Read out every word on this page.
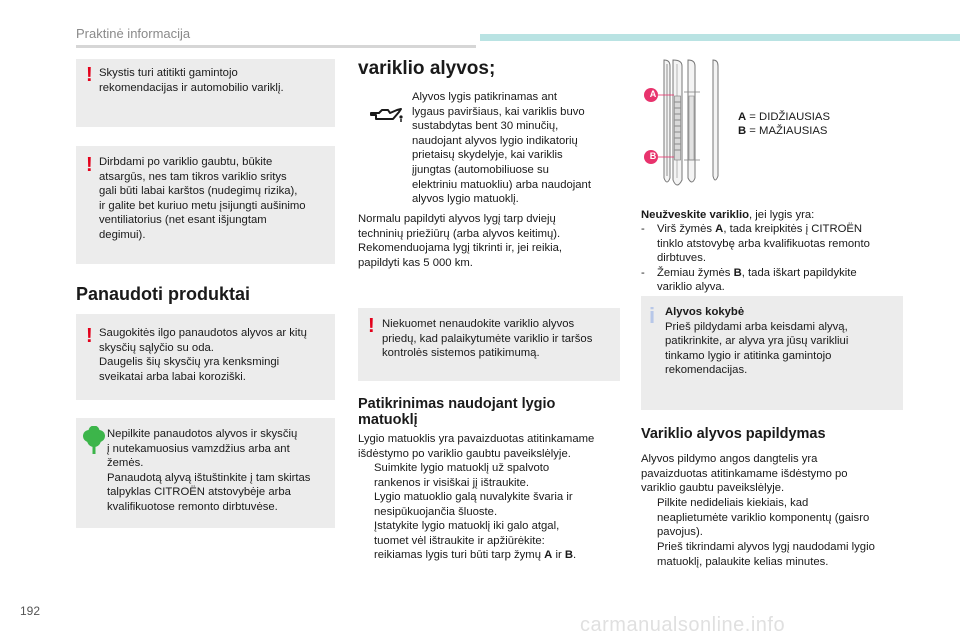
Praktinė informacija
! Skystis turi atitikti gamintojo
rekomendacijas ir automobilio variklį.
! Dirbdami po variklio gaubtu, būkite
atsargūs, nes tam tikros variklio sritys
gali būti labai karštos (nudegimų rizika),
ir galite bet kuriuo metu įsijungti aušinimo
ventiliatorius (net esant išjungtam
degimui).
Panaudoti produktai
! Saugokitės ilgo panaudotos alyvos ar kitų
skysčių sąlyčio su oda.
Daugelis šių skysčių yra kenksmingi
sveikatai arba labai koroziški.
Nepilkite panaudotos alyvos ir skysčių
į nutekamuosius vamzdžius arba ant
žemės.
Panaudotą alyvą ištuštinkite į tam skirtas
talpyklas CITROËN atstovybėje arba
kvalifikuotose remonto dirbtuvėse.
variklio alyvos;
Alyvos lygis patikrinamas ant
lygaus paviršiaus, kai variklis buvo
sustabdytas bent 30 minučių,
naudojant alyvos lygio indikatorių
prietaisų skydelyje, kai variklis
įjungtas (automobiliuose su
elektriniu matuokliu) arba naudojant
alyvos lygio matuoklį.
Normalu papildyti alyvos lygį tarp dviejų
techninių priežiūrų (arba alyvos keitimų).
Rekomenduojama lygį tikrinti ir, jei reikia,
papildyti kas 5 000 km.
! Niekuomet nenaudokite variklio alyvos
priedų, kad palaikytumėte variklio ir taršos
kontrolės sistemos patikimumą.
Patikrinimas naudojant lygio
matuoklį
Lygio matuoklis yra pavaizduotas atitinkamame
išdėstymo po variklio gaubtu paveikslėlyje.
Suimkite lygio matuoklį už spalvoto
rankenos ir visiškai jį ištraukite.
Lygio matuoklio galą nuvalykite švaria ir
nesipūkuojančia šluoste.
Įstatykite lygio matuoklį iki galo atgal,
tuomet vėl ištraukite ir apžiūrėkite:
reikiamas lygis turi būti tarp žymų A ir B.
A
B
A = DIDŽIAUSIAS
B = MAŽIAUSIAS
Neužveskite variklio, jei lygis yra:
- Virš žymės A, tada kreipkitės į CITROËN
tinklo atstovybę arba kvalifikuotas remonto
dirbtuves.
- Žemiau žymės B, tada iškart papildykite
variklio alyva.
i Alyvos kokybė
Prieš pildydami arba keisdami alyvą,
patikrinkite, ar alyva yra jūsų varikliui
tinkamo lygio ir atitinka gamintojo
rekomendacijas.
Variklio alyvos papildymas
Alyvos pildymo angos dangtelis yra
pavaizduotas atitinkamame išdėstymo po
variklio gaubtu paveikslėlyje.
Pilkite nedideliais kiekiais, kad
neaplietumėte variklio komponentų (gaisro
pavojus).
Prieš tikrindami alyvos lygį naudodami lygio
matuoklį, palaukite kelias minutes.
192
carmanualsonline.info
